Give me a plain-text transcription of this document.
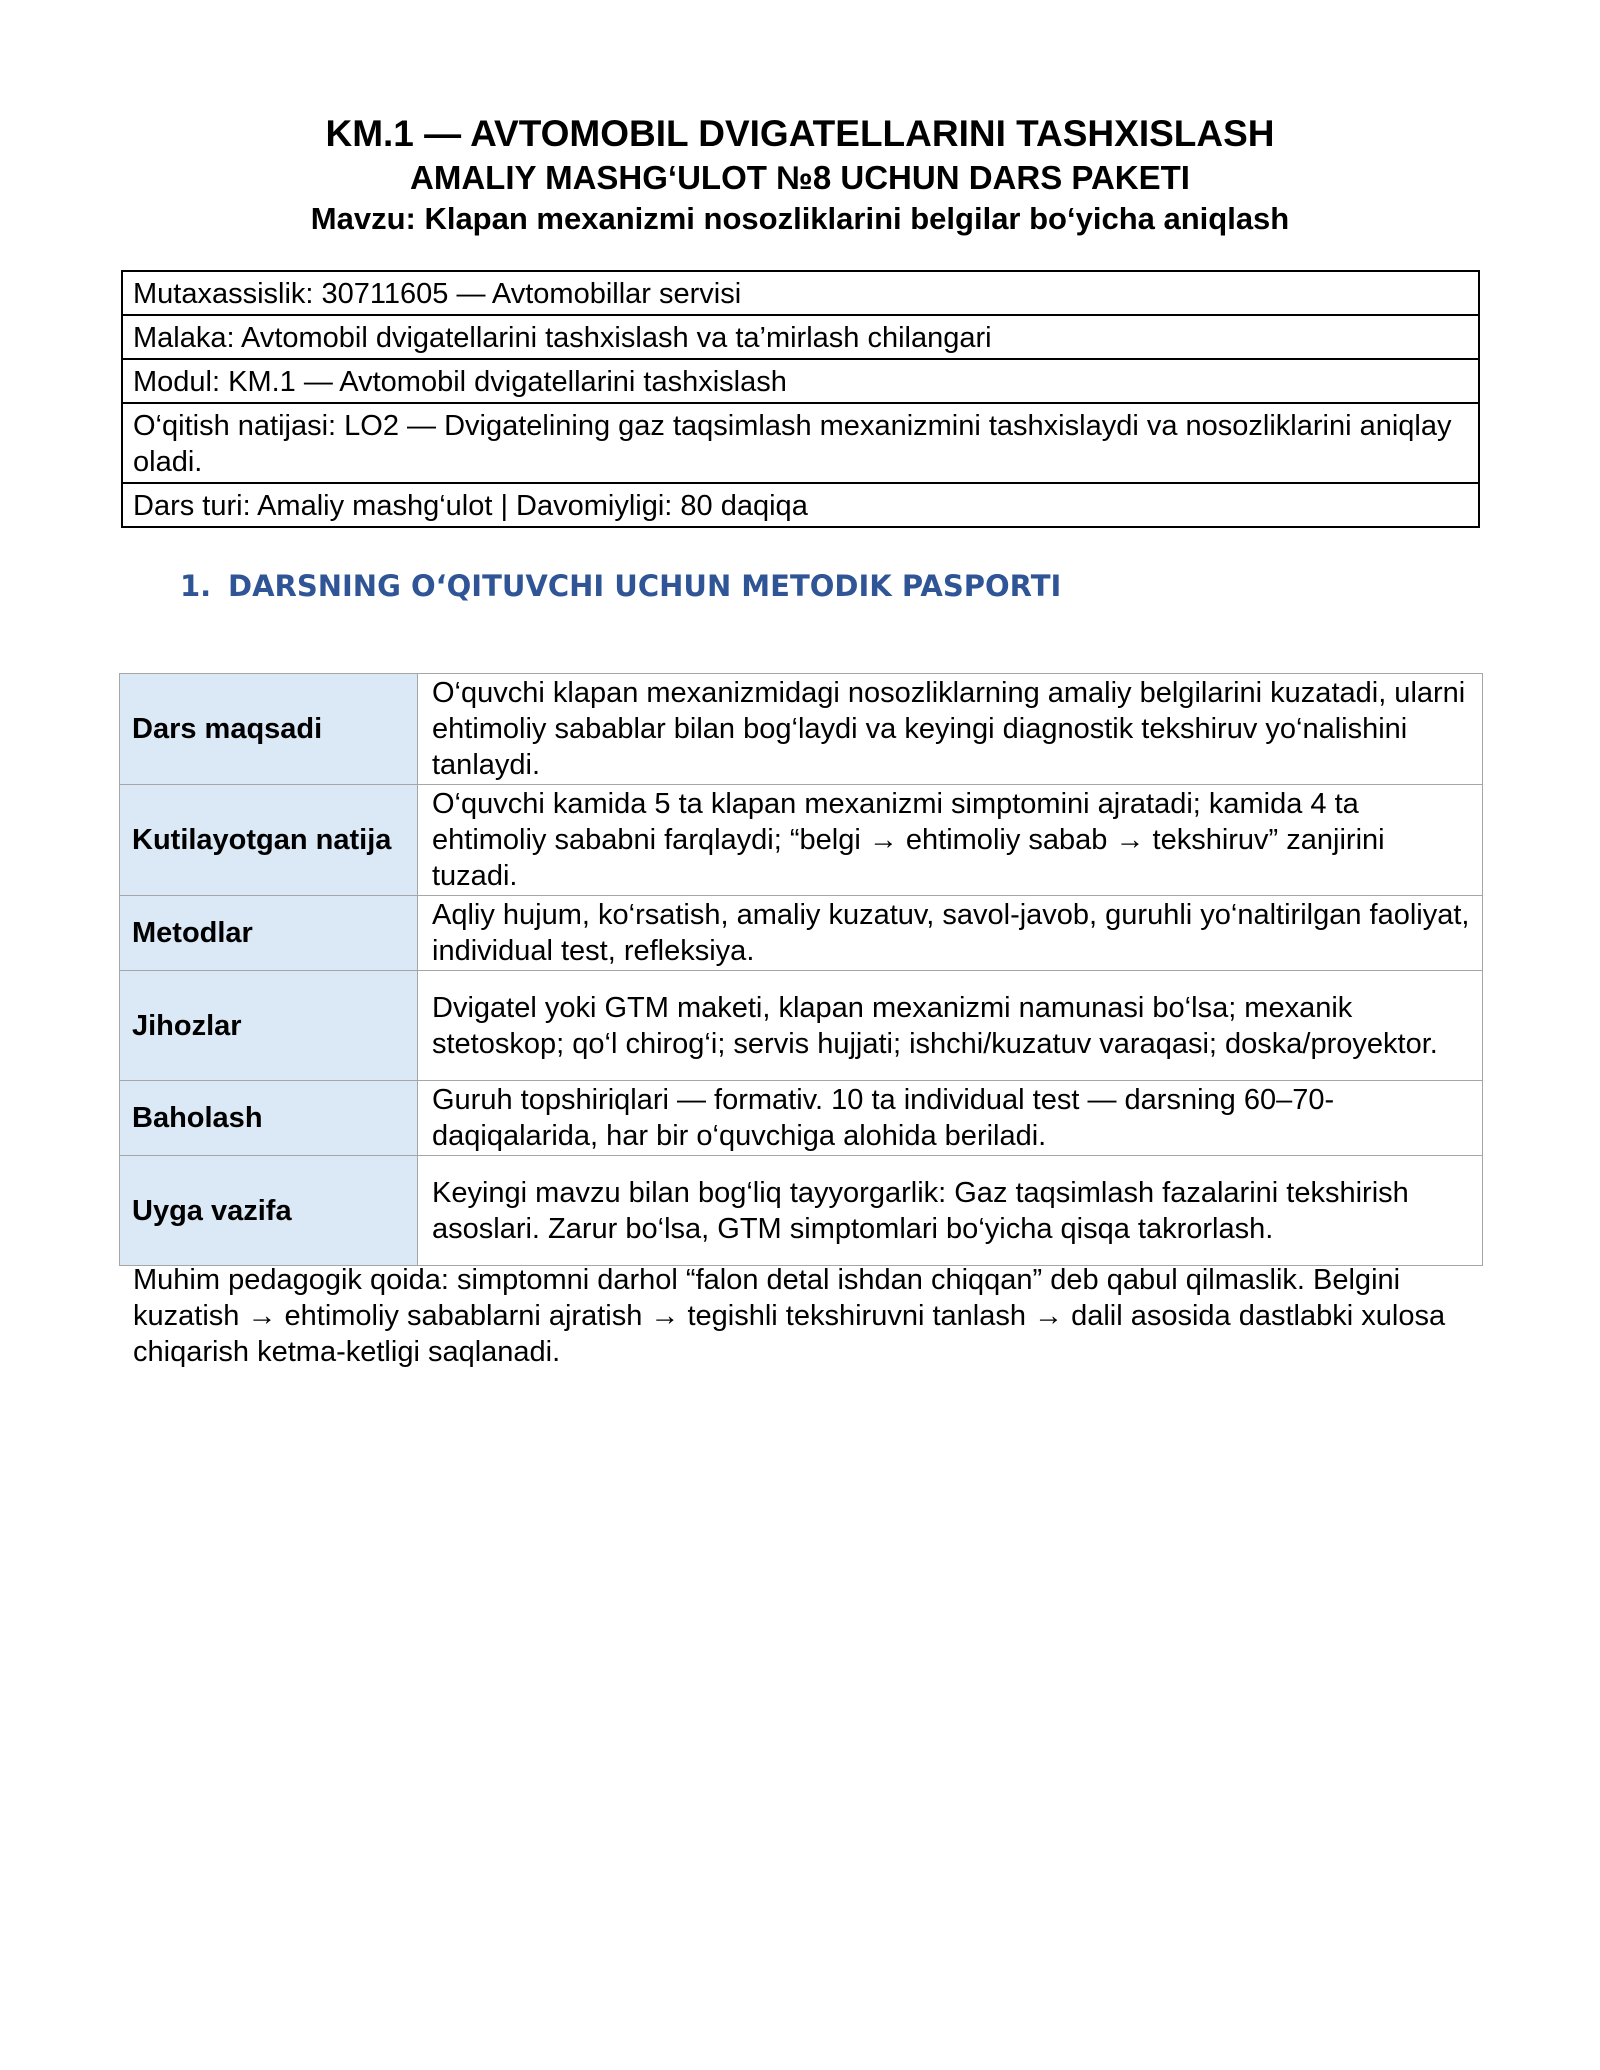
KM.1 — AVTOMOBIL DVIGATELLARINI TASHXISLASH
AMALIY MASHG‘ULOT №8 UCHUN DARS PAKETI
Mavzu: Klapan mexanizmi nosozliklarini belgilar bo‘yicha aniqlash
Mutaxassislik: 30711605 — Avtomobillar servisi
Malaka: Avtomobil dvigatellarini tashxislash va ta’mirlash chilangari
Modul: KM.1 — Avtomobil dvigatellarini tashxislash
O‘qitish natijasi: LO2 — Dvigatelining gaz taqsimlash mexanizmini tashxislaydi va nosozliklarini aniqlay oladi.
Dars turi: Amaliy mashg‘ulot | Davomiyligi: 80 daqiqa
1. DARSNING O‘QITUVCHI UCHUN METODIK PASPORTI
Dars maqsadi	O‘quvchi klapan mexanizmidagi nosozliklarning amaliy belgilarini kuzatadi, ularni ehtimoliy sabablar bilan bog‘laydi va keyingi diagnostik tekshiruv yo‘nalishini tanlaydi.
Kutilayotgan natija	O‘quvchi kamida 5 ta klapan mexanizmi simptomini ajratadi; kamida 4 ta ehtimoliy sababni farqlaydi; “belgi → ehtimoliy sabab → tekshiruv” zanjirini tuzadi.
Metodlar	Aqliy hujum, ko‘rsatish, amaliy kuzatuv, savol-javob, guruhli yo‘naltirilgan faoliyat, individual test, refleksiya.
Jihozlar	Dvigatel yoki GTM maketi, klapan mexanizmi namunasi bo‘lsa; mexanik stetoskop; qo‘l chirog‘i; servis hujjati; ishchi/kuzatuv varaqasi; doska/proyektor.
Baholash	Guruh topshiriqlari — formativ. 10 ta individual test — darsning 60–70-daqiqalarida, har bir o‘quvchiga alohida beriladi.
Uyga vazifa	Keyingi mavzu bilan bog‘liq tayyorgarlik: Gaz taqsimlash fazalarini tekshirish asoslari. Zarur bo‘lsa, GTM simptomlari bo‘yicha qisqa takrorlash.
Muhim pedagogik qoida: simptomni darhol “falon detal ishdan chiqqan” deb qabul qilmaslik. Belgini kuzatish → ehtimoliy sabablarni ajratish → tegishli tekshiruvni tanlash → dalil asosida dastlabki xulosa chiqarish ketma-ketligi saqlanadi.
